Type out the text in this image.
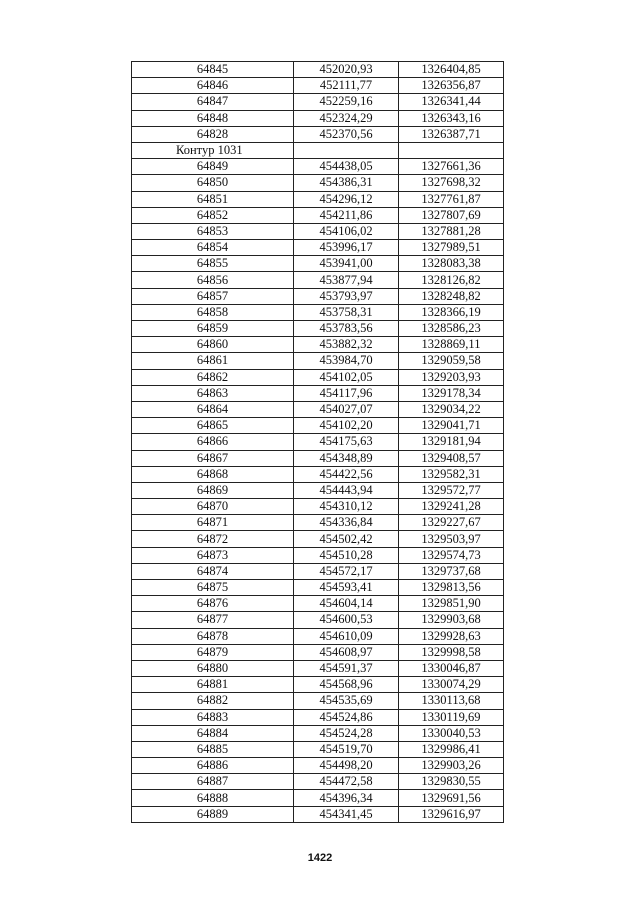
64845	452020,93	1326404,85
64846	452111,77	1326356,87
64847	452259,16	1326341,44
64848	452324,29	1326343,16
64828	452370,56	1326387,71
Контур 1031		
64849	454438,05	1327661,36
64850	454386,31	1327698,32
64851	454296,12	1327761,87
64852	454211,86	1327807,69
64853	454106,02	1327881,28
64854	453996,17	1327989,51
64855	453941,00	1328083,38
64856	453877,94	1328126,82
64857	453793,97	1328248,82
64858	453758,31	1328366,19
64859	453783,56	1328586,23
64860	453882,32	1328869,11
64861	453984,70	1329059,58
64862	454102,05	1329203,93
64863	454117,96	1329178,34
64864	454027,07	1329034,22
64865	454102,20	1329041,71
64866	454175,63	1329181,94
64867	454348,89	1329408,57
64868	454422,56	1329582,31
64869	454443,94	1329572,77
64870	454310,12	1329241,28
64871	454336,84	1329227,67
64872	454502,42	1329503,97
64873	454510,28	1329574,73
64874	454572,17	1329737,68
64875	454593,41	1329813,56
64876	454604,14	1329851,90
64877	454600,53	1329903,68
64878	454610,09	1329928,63
64879	454608,97	1329998,58
64880	454591,37	1330046,87
64881	454568,96	1330074,29
64882	454535,69	1330113,68
64883	454524,86	1330119,69
64884	454524,28	1330040,53
64885	454519,70	1329986,41
64886	454498,20	1329903,26
64887	454472,58	1329830,55
64888	454396,34	1329691,56
64889	454341,45	1329616,97
1422
